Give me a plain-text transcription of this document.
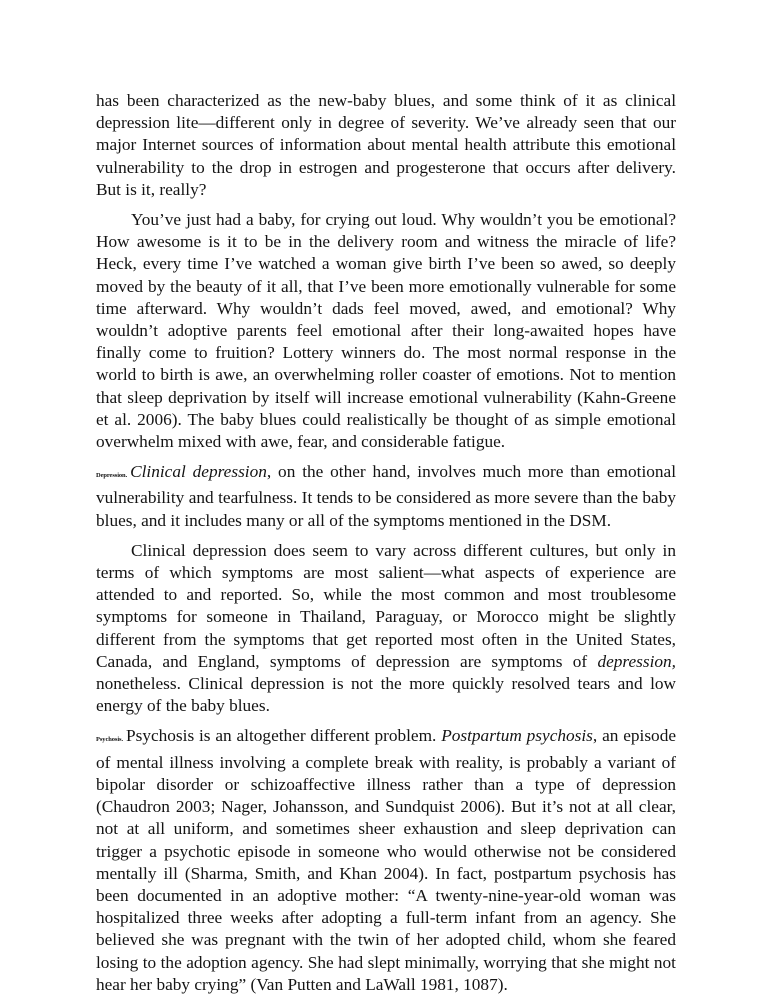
has been characterized as the new-baby blues, and some think of it as clinical depression lite—different only in degree of severity. We’ve already seen that our major Internet sources of information about mental health attribute this emotional vulnerability to the drop in estrogen and progesterone that occurs after delivery. But is it, really?

You’ve just had a baby, for crying out loud. Why wouldn’t you be emotional? How awesome is it to be in the delivery room and witness the miracle of life? Heck, every time I’ve watched a woman give birth I’ve been so awed, so deeply moved by the beauty of it all, that I’ve been more emotionally vulnerable for some time afterward. Why wouldn’t dads feel moved, awed, and emotional? Why wouldn’t adoptive parents feel emotional after their long-awaited hopes have finally come to fruition? Lottery winners do. The most normal response in the world to birth is awe, an overwhelming roller coaster of emotions. Not to mention that sleep deprivation by itself will increase emotional vulnerability (Kahn-Greene et al. 2006). The baby blues could realistically be thought of as simple emotional overwhelm mixed with awe, fear, and considerable fatigue.

Depression. Clinical depression, on the other hand, involves much more than emotional vulnerability and tearfulness. It tends to be considered as more severe than the baby blues, and it includes many or all of the symptoms mentioned in the DSM.

Clinical depression does seem to vary across different cultures, but only in terms of which symptoms are most salient—what aspects of experience are attended to and reported. So, while the most common and most troublesome symptoms for someone in Thailand, Paraguay, or Morocco might be slightly different from the symptoms that get reported most often in the United States, Canada, and England, symptoms of depression are symptoms of depression, nonetheless. Clinical depression is not the more quickly resolved tears and low energy of the baby blues.

Psychosis. Psychosis is an altogether different problem. Postpartum psychosis, an episode of mental illness involving a complete break with reality, is probably a variant of bipolar disorder or schizoaffective illness rather than a type of depression (Chaudron 2003; Nager, Johansson, and Sundquist 2006). But it’s not at all clear, not at all uniform, and sometimes sheer exhaustion and sleep deprivation can trigger a psychotic episode in someone who would otherwise not be considered mentally ill (Sharma, Smith, and Khan 2004). In fact, postpartum psychosis has been documented in an adoptive mother: “A twenty-nine-year-old woman was hospitalized three weeks after adopting a full-term infant from an agency. She believed she was pregnant with the twin of her adopted child, whom she feared losing to the adoption agency. She had slept minimally, worrying that she might not hear her baby crying” (Van Putten and LaWall 1981, 1087).
